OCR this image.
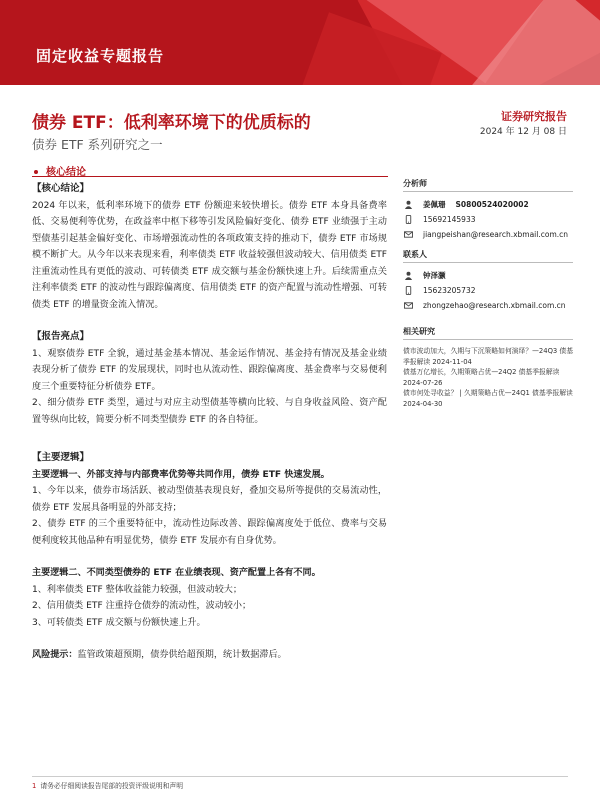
固定收益专题报告
债券 ETF：低利率环境下的优质标的
债券 ETF 系列研究之一
证券研究报告
2024 年 12 月 08 日
核心结论
【核心结论】
2024 年以来，低利率环境下的债券 ETF 份额迎来较快增长。债券 ETF 本身具备费率低、交易便利等优势，在政益率中枢下移等引发风险偏好变化、债券 ETF 业绩强于主动型债基引起基金偏好变化、市场增强流动性的各项政策支持的推动下，债券 ETF 市场规模不断扩大。从今年以来表现来看，利率债类 ETF 收益较强但波动较大、信用债类 ETF 注重流动性具有更低的波动、可转债类 ETF 成交额与基金份额快速上升。后续需重点关注利率债类 ETF 的波动性与跟踪偏离度、信用债类 ETF 的资产配置与流动性增强、可转债类 ETF 的增量资金流入情况。
【报告亮点】
1、观察债券 ETF 全貌，通过基金基本情况、基金运作情况、基金持有情况及基金业绩表现分析了债券 ETF 的发展现状，同时也从流动性、跟踪偏离度、基金费率与交易便利度三个重要特征分析债券 ETF。
2、细分债券 ETF 类型，通过与对应主动型债基等横向比较、与自身收益风险、资产配置等纵向比较，简要分析不同类型债券 ETF 的各自特征。
【主要逻辑】
主要逻辑一、外部支持与内部费率优势等共同作用，债券 ETF 快速发展。
1、今年以来，债券市场活跃、被动型债基表现良好，叠加交易所等提供的交易流动性，债券 ETF 发展具备明显的外部支持；
2、债券 ETF 的三个重要特征中，流动性边际改善、跟踪偏离度处于低位、费率与交易便利度较其他品种有明显优势，债券 ETF 发展亦有自身优势。
主要逻辑二、不同类型债券的 ETF 在业绩表现、资产配置上各有不同。
1、利率债类 ETF 整体收益能力较强，但波动较大；
2、信用债类 ETF 注重持仓债券的流动性，波动较小；
3、可转债类 ETF 成交额与份额快速上升。
风险提示：监管政策超预期，债券供给超预期，统计数据滞后。
分析师
姜佩珊 S0800524020002
15692145933
jiangpeishan@research.xbmail.com.cn
联系人
钟泽灏
15623205732
zhongzehao@research.xbmail.com.cn
相关研究
债市波动加大，久期与下沉策略如何演绎？—24Q3 债基季报解读 2024-11-04
债基万亿增长，久期策略占优—24Q2 债基季报解读 2024-07-26
债市何处寻收益？ | 久期策略占优—24Q1 债基季报解读 2024-04-30
1 请务必仔细阅读报告尾部的投资评级说明和声明
